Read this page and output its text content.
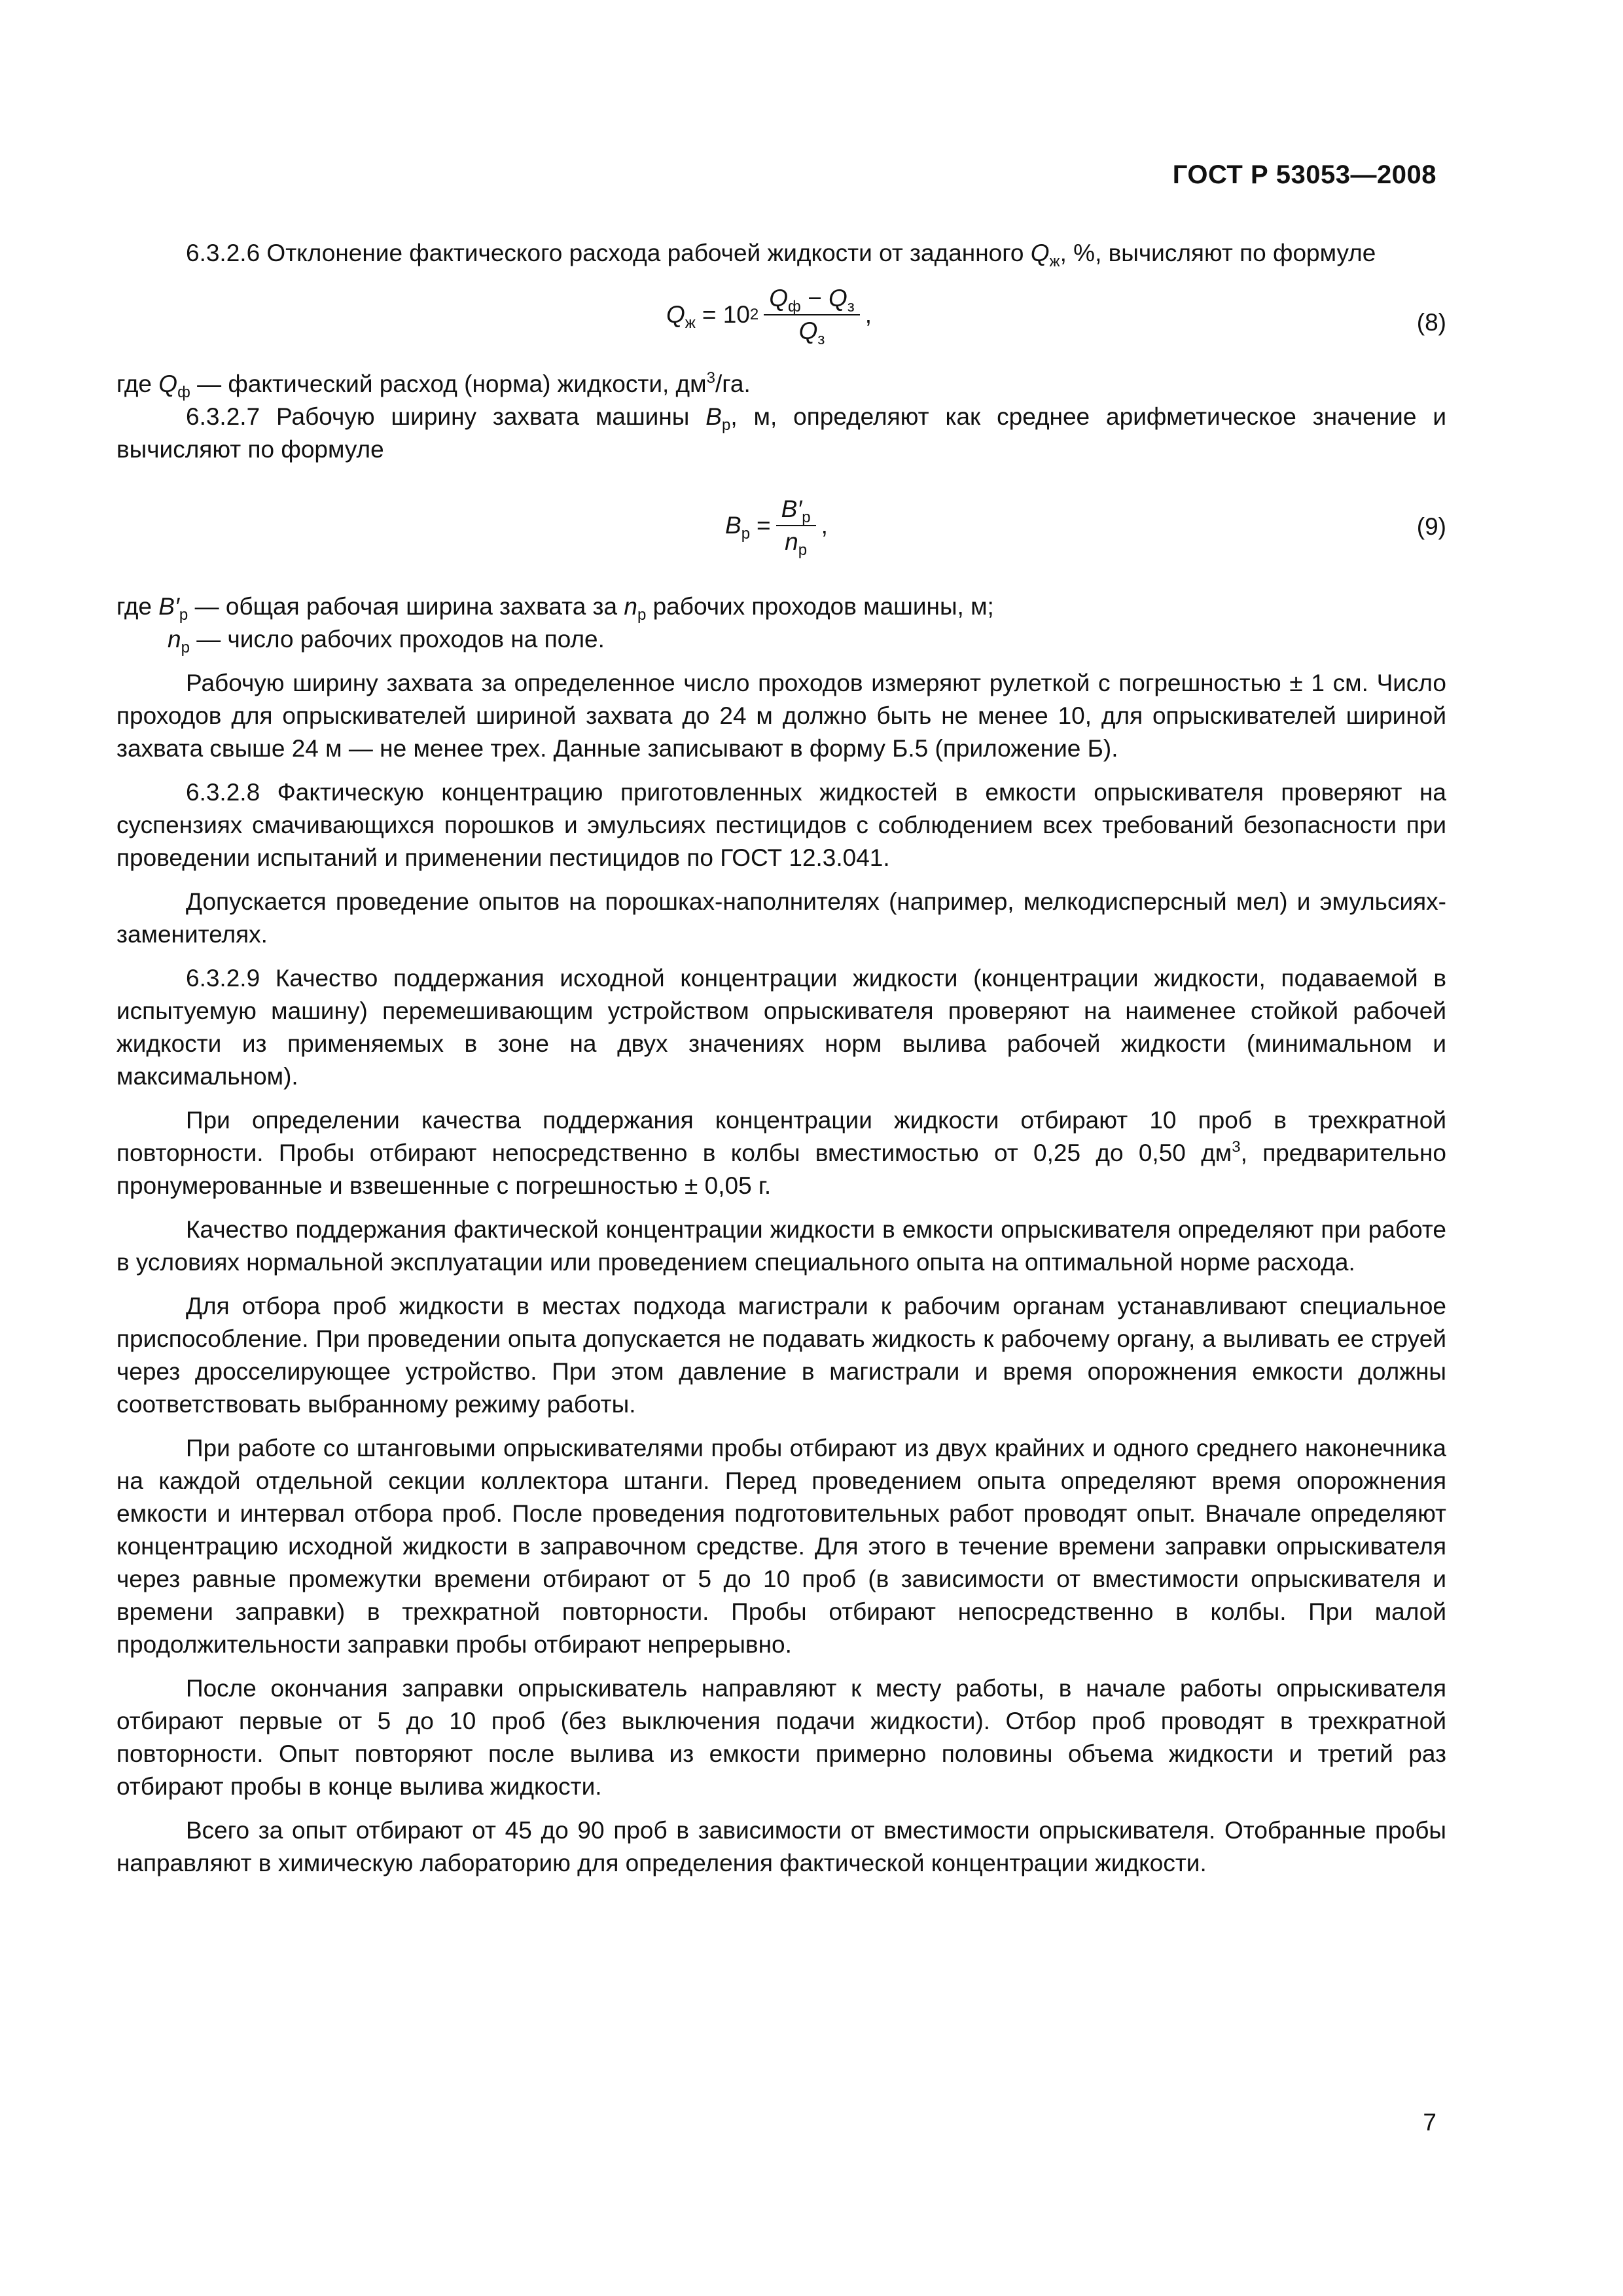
ГОСТ Р 53053—2008

6.3.2.6 Отклонение фактического расхода рабочей жидкости от заданного $Q_ж$, %, вычисляют по формуле

$Q_ж = 10$ $2 \frac{Q_ф - Q_з}{Q_з}$ ,	(8)

где $Q_ф$ — фактический расход (норма) жидкости, $дм^3/га$.

6.3.2.7 Рабочую ширину захвата машины $B_р$, м, определяют как среднее арифметическое значение и вычисляют по формуле

$B_р = \frac{B'_р}{n_р}$ ,	(9)

где $B'_р$ — общая рабочая ширина захвата за $n_р$ рабочих проходов машины, м;

$n_р$ — число рабочих проходов на поле.

Рабочую ширину захвата за определенное число проходов измеряют рулеткой с погрешностью ± 1 см. Число проходов для опрыскивателей шириной захвата до 24 м должно быть не менее 10, для опрыскивателей шириной захвата свыше 24 м — не менее трех. Данные записывают в форму Б.5 (приложение Б).

6.3.2.8 Фактическую концентрацию приготовленных жидкостей в емкости опрыскивателя проверяют на суспензиях смачивающихся порошков и эмульсиях пестицидов с соблюдением всех требований безопасности при проведении испытаний и применении пестицидов по ГОСТ 12.3.041.

Допускается проведение опытов на порошках-наполнителях (например, мелкодисперсный мел) и эмульсиях-заменителях.

6.3.2.9 Качество поддержания исходной концентрации жидкости (концентрации жидкости, подаваемой в испытуемую машину) перемешивающим устройством опрыскивателя проверяют на наименее стойкой рабочей жидкости из применяемых в зоне на двух значениях норм вылива рабочей жидкости (минимальном и максимальном).

При определении качества поддержания концентрации жидкости отбирают 10 проб в трехкратной повторности. Пробы отбирают непосредственно в колбы вместимостью от 0,25 до 0,50 $дм^3$, предварительно пронумерованные и взвешенные с погрешностью ± 0,05 г.

Качество поддержания фактической концентрации жидкости в емкости опрыскивателя определяют при работе в условиях нормальной эксплуатации или проведением специального опыта на оптимальной норме расхода.

Для отбора проб жидкости в местах подхода магистрали к рабочим органам устанавливают специальное приспособление. При проведении опыта допускается не подавать жидкость к рабочему органу, а выливать ее струей через дросселирующее устройство. При этом давление в магистрали и время опорожнения емкости должны соответствовать выбранному режиму работы.

При работе со штанговыми опрыскивателями пробы отбирают из двух крайних и одного среднего наконечника на каждой отдельной секции коллектора штанги. Перед проведением опыта определяют время опорожнения емкости и интервал отбора проб. После проведения подготовительных работ проводят опыт. Вначале определяют концентрацию исходной жидкости в заправочном средстве. Для этого в течение времени заправки опрыскивателя через равные промежутки времени отбирают от 5 до 10 проб (в зависимости от вместимости опрыскивателя и времени заправки) в трехкратной повторности. Пробы отбирают непосредственно в колбы. При малой продолжительности заправки пробы отбирают непрерывно.

После окончания заправки опрыскиватель направляют к месту работы, в начале работы опрыскивателя отбирают первые от 5 до 10 проб (без выключения подачи жидкости). Отбор проб проводят в трехкратной повторности. Опыт повторяют после вылива из емкости примерно половины объема жидкости и третий раз отбирают пробы в конце вылива жидкости.

Всего за опыт отбирают от 45 до 90 проб в зависимости от вместимости опрыскивателя. Отобранные пробы направляют в химическую лабораторию для определения фактической концентрации жидкости.

7
